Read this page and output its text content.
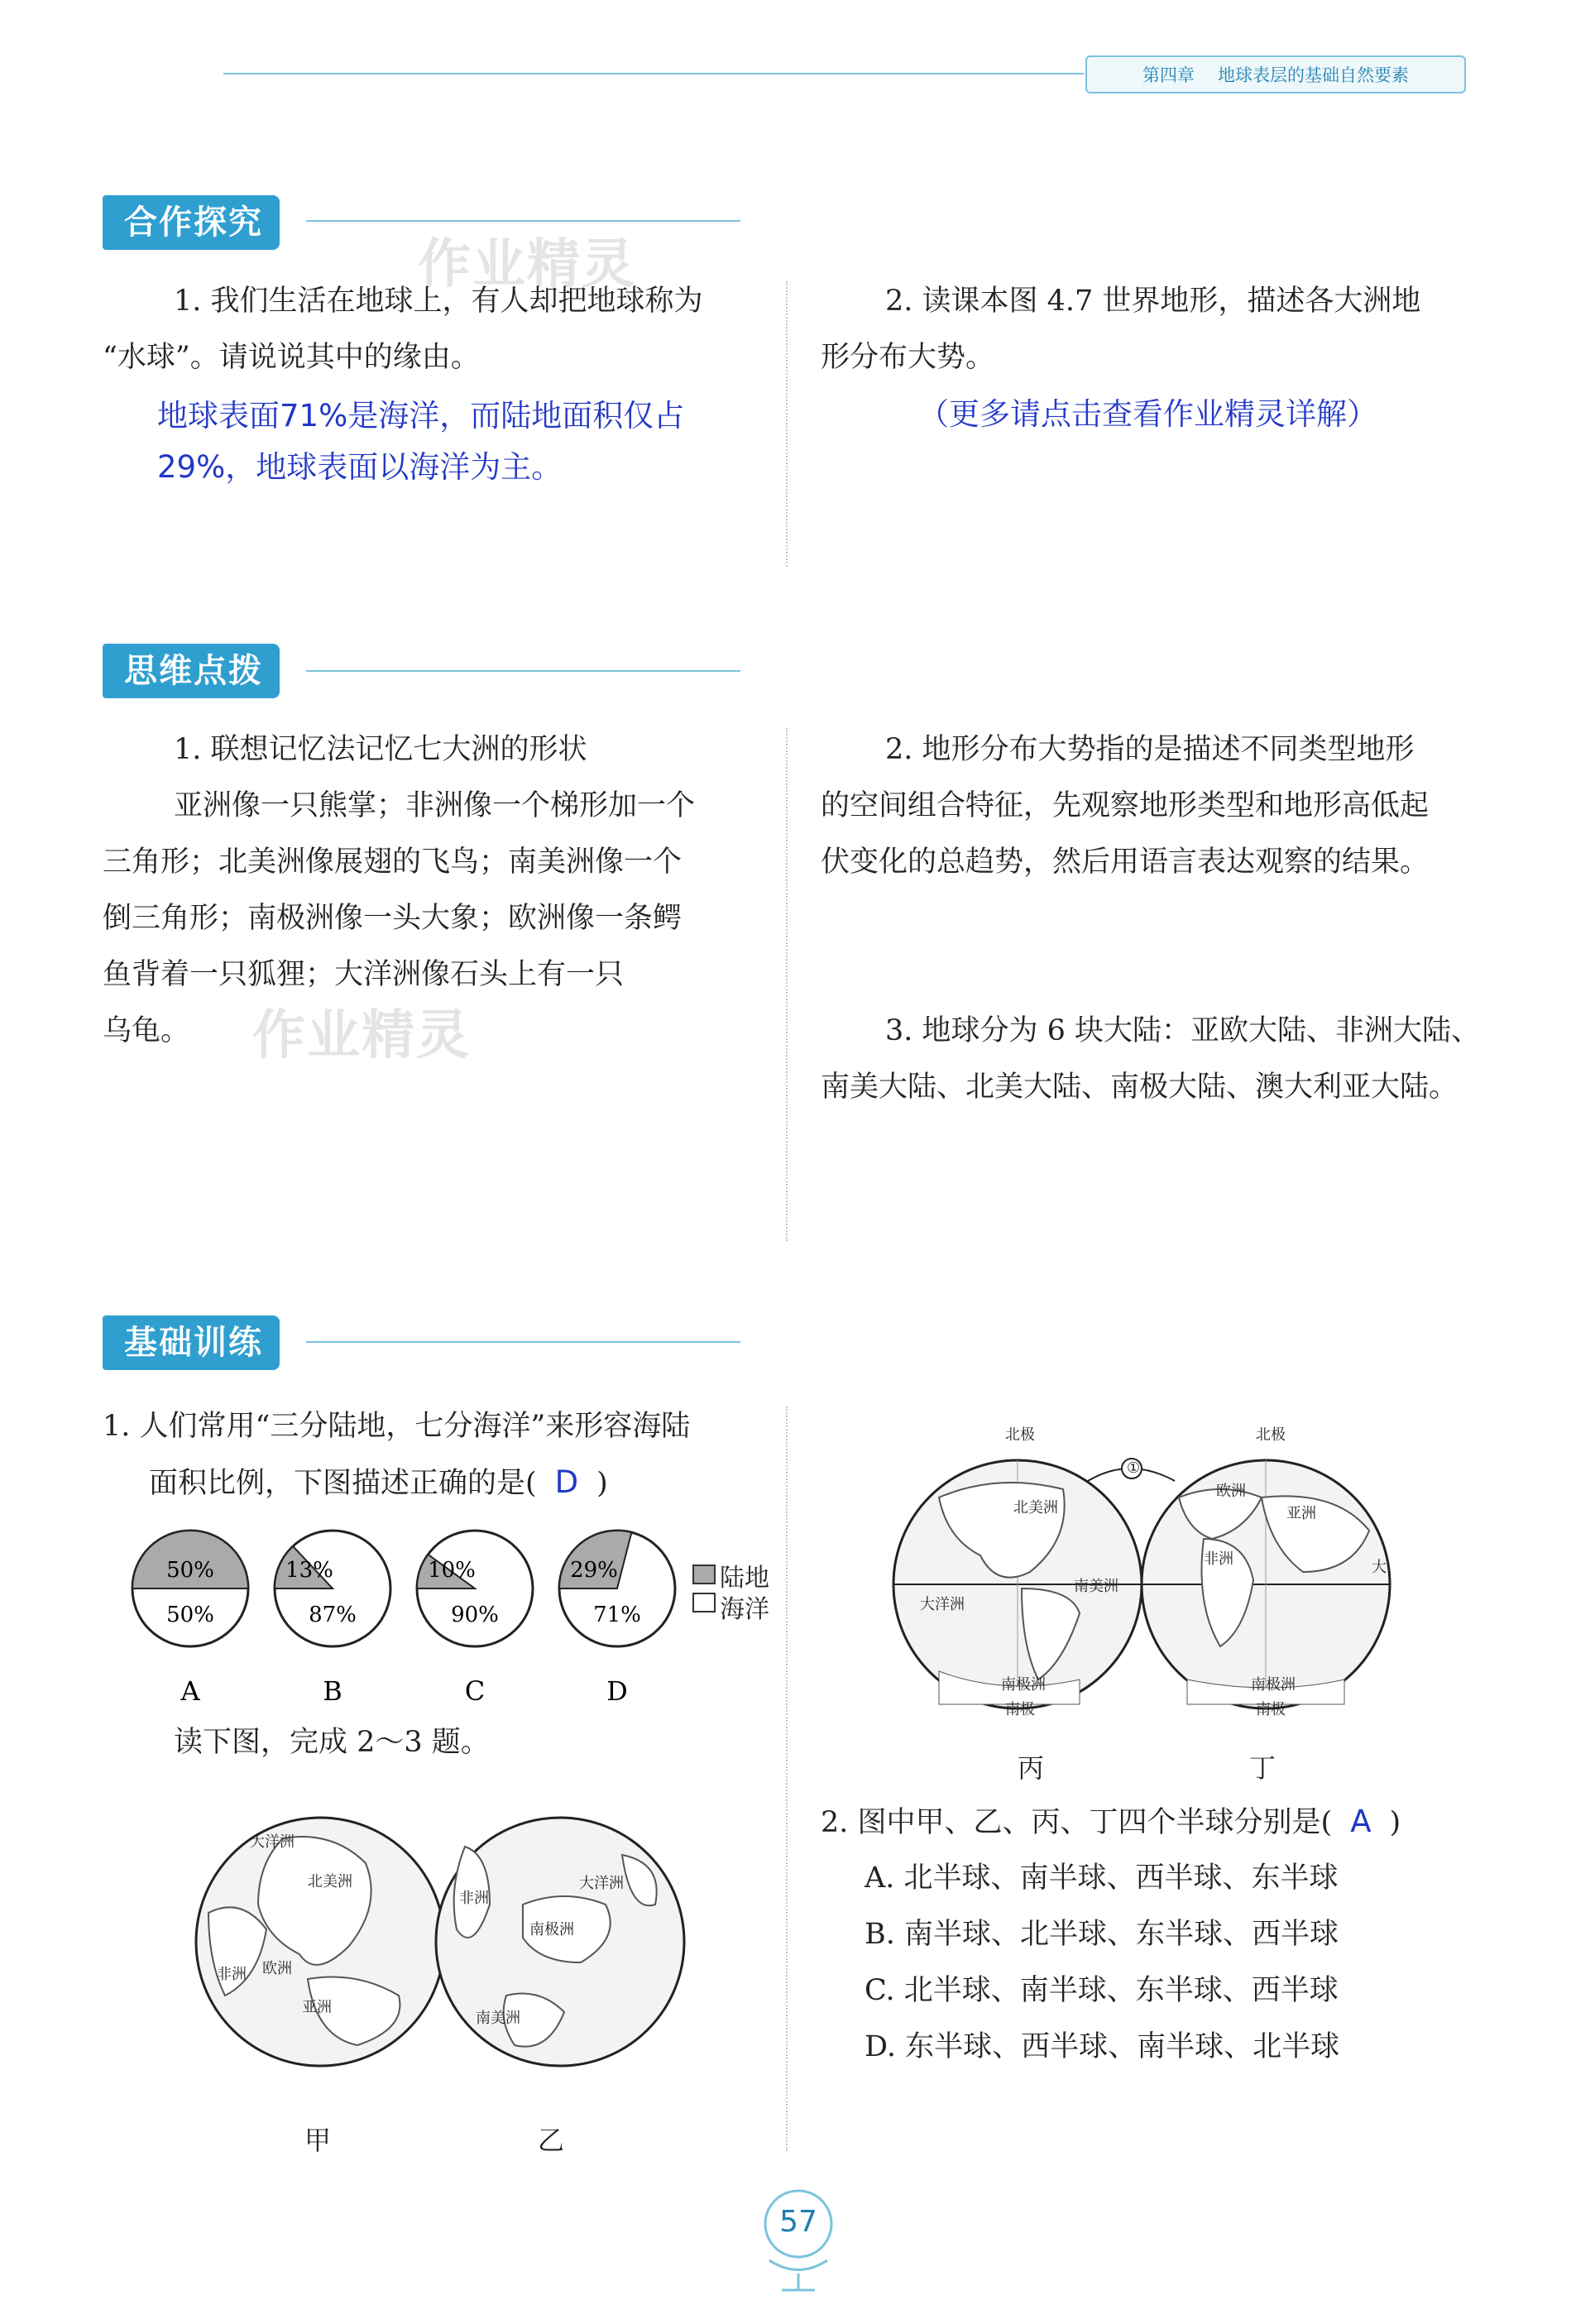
第四章 地球表层的基础自然要素
合作探究
作业精灵
1. 我们生活在地球上，有人却把地球称为
“水球”。请说说其中的缘由。
地球表面71%是海洋，而陆地面积仅占
29%，地球表面以海洋为主。
2. 读课本图 4.7 世界地形，描述各大洲地
形分布大势。
（更多请点击查看作业精灵详解）
思维点拨
1. 联想记忆法记忆七大洲的形状
亚洲像一只熊掌；非洲像一个梯形加一个
三角形；北美洲像展翅的飞鸟；南美洲像一个
倒三角形；南极洲像一头大象；欧洲像一条鳄
鱼背着一只狐狸；大洋洲像石头上有一只
乌龟。 作业精灵
2. 地形分布大势指的是描述不同类型地形
的空间组合特征，先观察地形类型和地形高低起
伏变化的总趋势，然后用语言表达观察的结果。
3. 地球分为 6 块大陆：亚欧大陆、非洲大陆、
南美大陆、北美大陆、南极大陆、澳大利亚大陆。
基础训练
1. 人们常用“三分陆地，七分海洋”来形容海陆
面积比例，下图描述正确的是( D )
50%
50%
A
13%
87%
B
10%
90%
C
29%
71%
D
陆地
海洋
读下图，完成 2～3 题。
大洋洲
北美洲
欧洲
非洲
亚洲
非洲
大洋洲
南极洲
南美洲
甲	乙
北极	北极
①
北美洲
欧洲
亚洲
非洲	大
大洋洲
南美洲
南极洲	南极洲
南极	南极
丙	丁
2. 图中甲、乙、丙、丁四个半球分别是( A )
A. 北半球、南半球、西半球、东半球
B. 南半球、北半球、东半球、西半球
C. 北半球、南半球、东半球、西半球
D. 东半球、西半球、南半球、北半球
57
